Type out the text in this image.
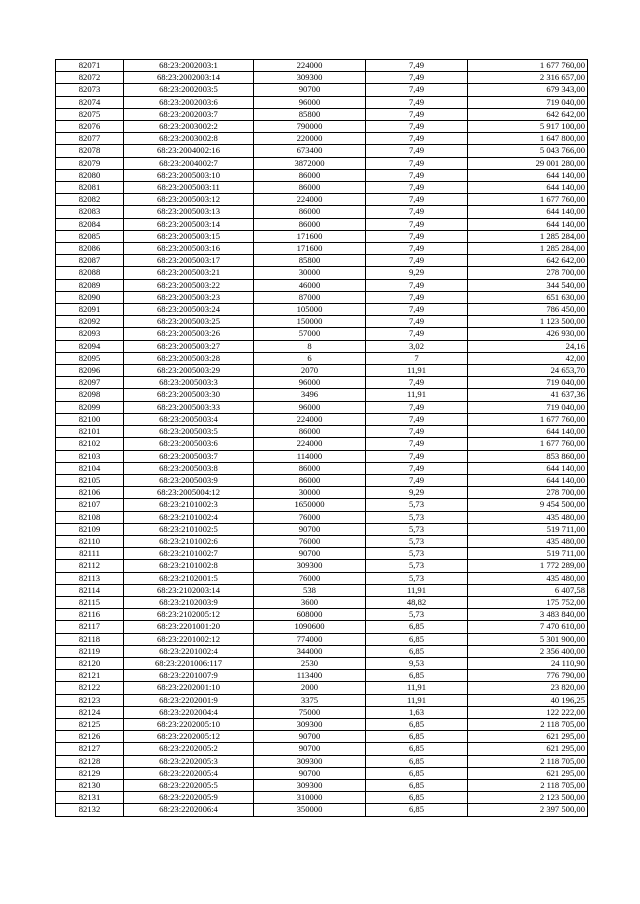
82071	68:23:2002003:1	224000	7,49	1 677 760,00
82072	68:23:2002003:14	309300	7,49	2 316 657,00
82073	68:23:2002003:5	90700	7,49	679 343,00
82074	68:23:2002003:6	96000	7,49	719 040,00
82075	68:23:2002003:7	85800	7,49	642 642,00
82076	68:23:2003002:2	790000	7,49	5 917 100,00
82077	68:23:2003002:8	220000	7,49	1 647 800,00
82078	68:23:2004002:16	673400	7,49	5 043 766,00
82079	68:23:2004002:7	3872000	7,49	29 001 280,00
82080	68:23:2005003:10	86000	7,49	644 140,00
82081	68:23:2005003:11	86000	7,49	644 140,00
82082	68:23:2005003:12	224000	7,49	1 677 760,00
82083	68:23:2005003:13	86000	7,49	644 140,00
82084	68:23:2005003:14	86000	7,49	644 140,00
82085	68:23:2005003:15	171600	7,49	1 285 284,00
82086	68:23:2005003:16	171600	7,49	1 285 284,00
82087	68:23:2005003:17	85800	7,49	642 642,00
82088	68:23:2005003:21	30000	9,29	278 700,00
82089	68:23:2005003:22	46000	7,49	344 540,00
82090	68:23:2005003:23	87000	7,49	651 630,00
82091	68:23:2005003:24	105000	7,49	786 450,00
82092	68:23:2005003:25	150000	7,49	1 123 500,00
82093	68:23:2005003:26	57000	7,49	426 930,00
82094	68:23:2005003:27	8	3,02	24,16
82095	68:23:2005003:28	6	7	42,00
82096	68:23:2005003:29	2070	11,91	24 653,70
82097	68:23:2005003:3	96000	7,49	719 040,00
82098	68:23:2005003:30	3496	11,91	41 637,36
82099	68:23:2005003:33	96000	7,49	719 040,00
82100	68:23:2005003:4	224000	7,49	1 677 760,00
82101	68:23:2005003:5	86000	7,49	644 140,00
82102	68:23:2005003:6	224000	7,49	1 677 760,00
82103	68:23:2005003:7	114000	7,49	853 860,00
82104	68:23:2005003:8	86000	7,49	644 140,00
82105	68:23:2005003:9	86000	7,49	644 140,00
82106	68:23:2005004:12	30000	9,29	278 700,00
82107	68:23:2101002:3	1650000	5,73	9 454 500,00
82108	68:23:2101002:4	76000	5,73	435 480,00
82109	68:23:2101002:5	90700	5,73	519 711,00
82110	68:23:2101002:6	76000	5,73	435 480,00
82111	68:23:2101002:7	90700	5,73	519 711,00
82112	68:23:2101002:8	309300	5,73	1 772 289,00
82113	68:23:2102001:5	76000	5,73	435 480,00
82114	68:23:2102003:14	538	11,91	6 407,58
82115	68:23:2102003:9	3600	48,82	175 752,00
82116	68:23:2102005:12	608000	5,73	3 483 840,00
82117	68:23:2201001:20	1090600	6,85	7 470 610,00
82118	68:23:2201002:12	774000	6,85	5 301 900,00
82119	68:23:2201002:4	344000	6,85	2 356 400,00
82120	68:23:2201006:117	2530	9,53	24 110,90
82121	68:23:2201007:9	113400	6,85	776 790,00
82122	68:23:2202001:10	2000	11,91	23 820,00
82123	68:23:2202001:9	3375	11,91	40 196,25
82124	68:23:2202004:4	75000	1,63	122 222,00
82125	68:23:2202005:10	309300	6,85	2 118 705,00
82126	68:23:2202005:12	90700	6,85	621 295,00
82127	68:23:2202005:2	90700	6,85	621 295,00
82128	68:23:2202005:3	309300	6,85	2 118 705,00
82129	68:23:2202005:4	90700	6,85	621 295,00
82130	68:23:2202005:5	309300	6,85	2 118 705,00
82131	68:23:2202005:9	310000	6,85	2 123 500,00
82132	68:23:2202006:4	350000	6,85	2 397 500,00
